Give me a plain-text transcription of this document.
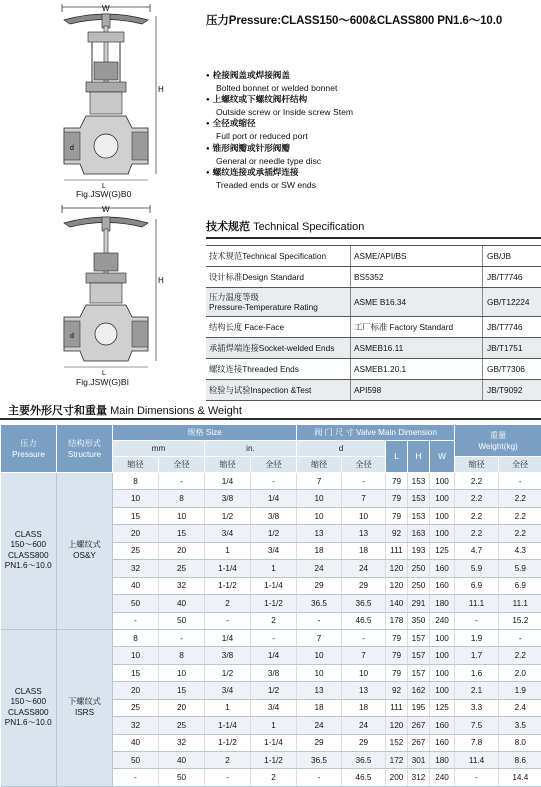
W
H
d
L
Fig.JSW(G)B0
W
H
d
L
Fig.JSW(G)BI
压力Pressure:CLASS150～600&CLASS800 PN1.6～10.0
● 栓接阀盖或焊接阀盖
Bolted bonnet or welded bonnet
● 上螺纹或下螺纹阀杆结构
Outside screw or Inside screw Stem
● 全径或缩径
Full port or reduced port
● 锥形阀瓣或针形阀瓣
General or needle type disc
● 螺纹连接或承插焊连接
Treaded ends or SW ends
技术规范 Technical Specification
技术规范Technical Specification	ASME/API/BS	GB/JB
设计标准Design Standard	BS5352	JB/T7746
压力温度等级
Pressure-Temperature Rating	ASME B16.34	GB/T12224
结构长度 Face-Face	工厂标准 Factory Standard	JB/T7746
承插焊端连接Socket-welded Ends	ASMEB16.11	JB/T1751
螺纹连接Threaded Ends	ASMEB1.20.1	GB/T7306
检验与试验Inspection &Test	API598	JB/T9092
主要外形尺寸和重量 Main Dimensions & Weight
压力
Pressure	结构形式
Structure	规格 Size				阀 门 尺 寸 Valve Main Dimension					重量
Weight(kg)	
		mm		in.		d		L	H	W		
		缩径	全径	缩径	全径	缩径	全径				缩径	全径
CLASS
150～600
CLASS800
PN1.6～10.0	上螺纹式
OS&Y	8	-	1/4	-	7	-	79	153	100	2.2	-
		10	8	3/8	1/4	10	7	79	153	100	2.2	2.2
		15	10	1/2	3/8	10	10	79	153	100	2.2	2.2
		20	15	3/4	1/2	13	13	92	163	100	2.2	2.2
		25	20	1	3/4	18	18	111	193	125	4.7	4.3
		32	25	1-1/4	1	24	24	120	250	160	5.9	5.9
		40	32	1-1/2	1-1/4	29	29	120	250	160	6.9	6.9
		50	40	2	1-1/2	36.5	36.5	140	291	180	11.1	11.1
		-	50	-	2	-	46.5	178	350	240	-	15.2
CLASS
150～600
CLASS800
PN1.6～10.0	下螺纹式
ISRS	8	-	1/4	-	7	-	79	157	100	1.9	-
		10	8	3/8	1/4	10	7	79	157	100	1.7	2.2
		15	10	1/2	3/8	10	10	79	157	100	1.6	2.0
		20	15	3/4	1/2	13	13	92	162	100	2.1	1.9
		25	20	1	3/4	18	18	111	195	125	3.3	2.4
		32	25	1-1/4	1	24	24	120	267	160	7.5	3.5
		40	32	1-1/2	1-1/4	29	29	152	267	160	7.8	8.0
		50	40	2	1-1/2	36.5	36.5	172	301	180	11.4	8.6
		-	50	-	2	-	46.5	200	312	240	-	14.4
